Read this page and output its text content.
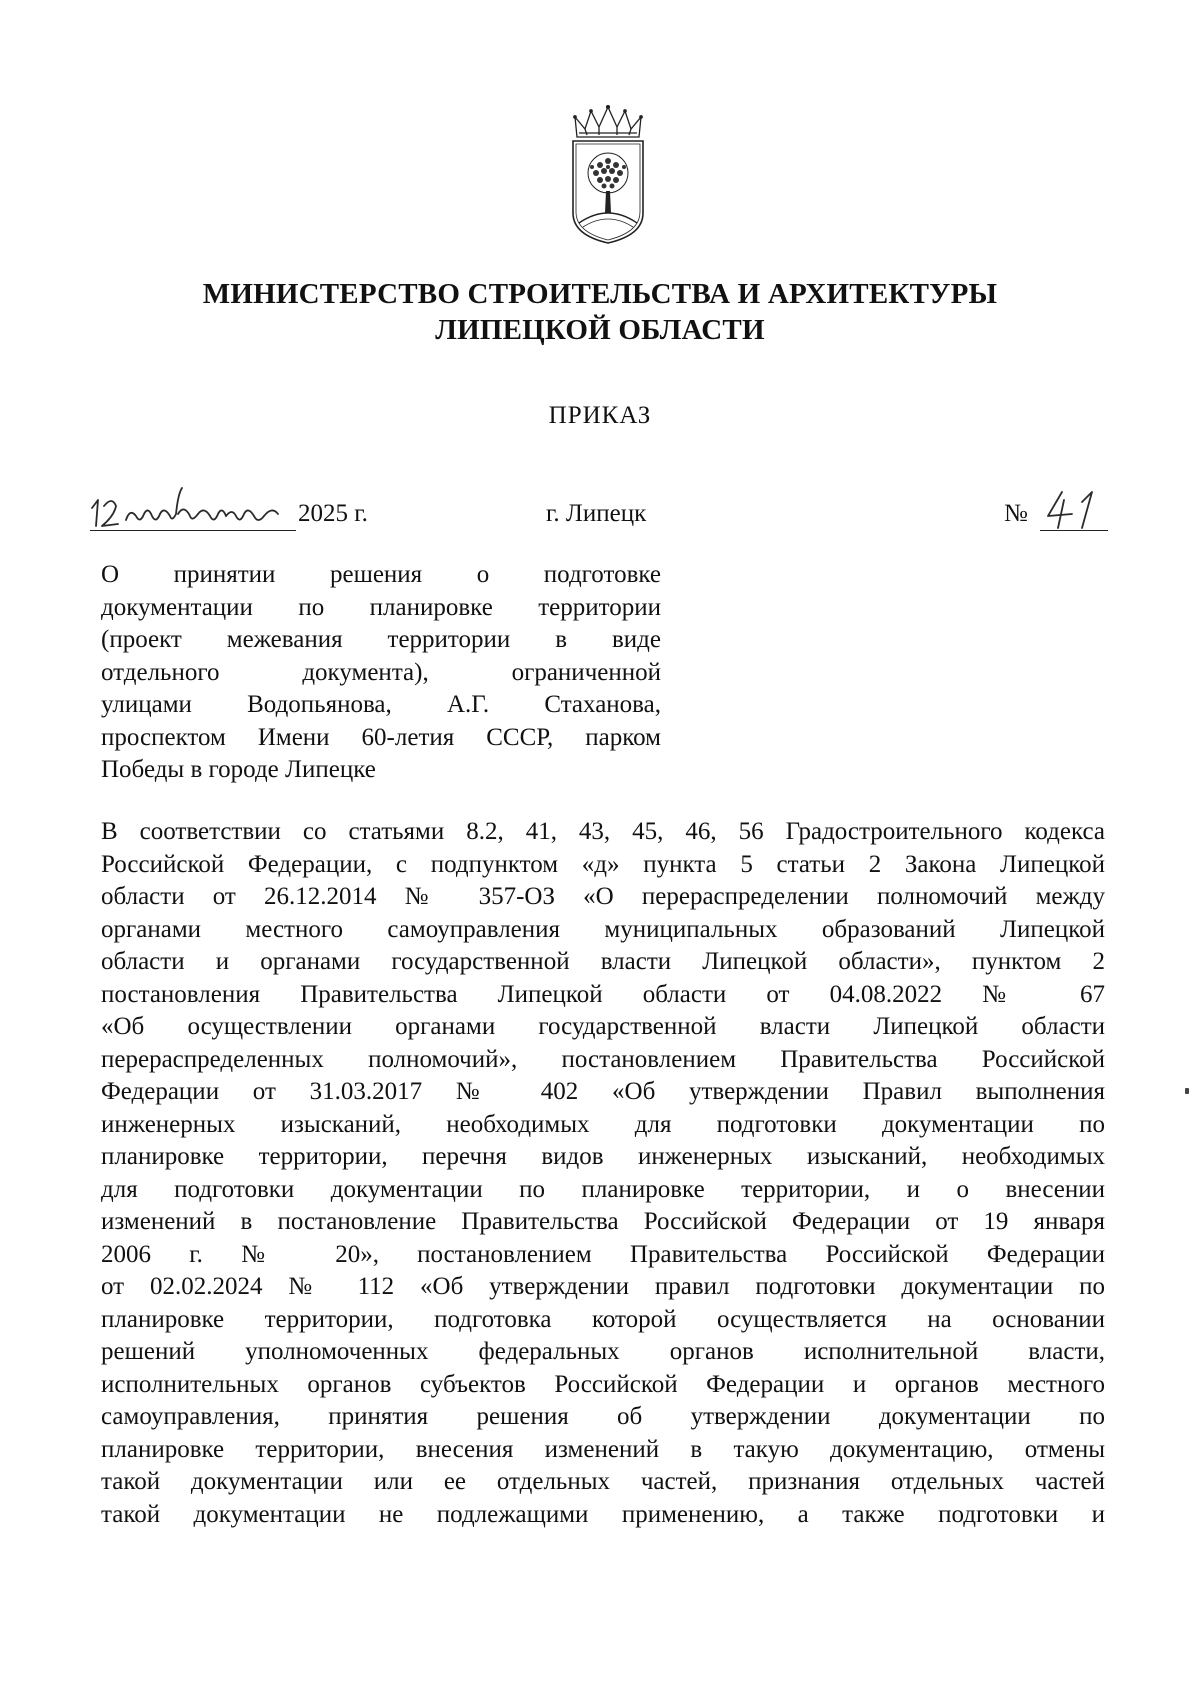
МИНИСТЕРСТВО СТРОИТЕЛЬСТВА И АРХИТЕКТУРЫ
ЛИПЕЦКОЙ ОБЛАСТИ
ПРИКАЗ
2025 г.	г. Липецк	№
О принятии решения о подготовке
документации по планировке территории
(проект межевания территории в виде
отдельного документа), ограниченной
улицами Водопьянова, А.Г. Стаханова,
проспектом Имени 60-летия СССР, парком
Победы в городе Липецке
В соответствии со статьями 8.2, 41, 43, 45, 46, 56 Градостроительного кодекса
Российской Федерации, с подпунктом «д» пункта 5 статьи 2 Закона Липецкой
области от 26.12.2014 № 357-ОЗ «О перераспределении полномочий между
органами местного самоуправления муниципальных образований Липецкой
области и органами государственной власти Липецкой области», пунктом 2
постановления Правительства Липецкой области от 04.08.2022 № 67
«Об осуществлении органами государственной власти Липецкой области
перераспределенных полномочий», постановлением Правительства Российской
Федерации от 31.03.2017 № 402 «Об утверждении Правил выполнения
инженерных изысканий, необходимых для подготовки документации по
планировке территории, перечня видов инженерных изысканий, необходимых
для подготовки документации по планировке территории, и о внесении
изменений в постановление Правительства Российской Федерации от 19 января
2006 г. № 20», постановлением Правительства Российской Федерации
от 02.02.2024 № 112 «Об утверждении правил подготовки документации по
планировке территории, подготовка которой осуществляется на основании
решений уполномоченных федеральных органов исполнительной власти,
исполнительных органов субъектов Российской Федерации и органов местного
самоуправления, принятия решения об утверждении документации по
планировке территории, внесения изменений в такую документацию, отмены
такой документации или ее отдельных частей, признания отдельных частей
такой документации не подлежащими применению, а также подготовки и
